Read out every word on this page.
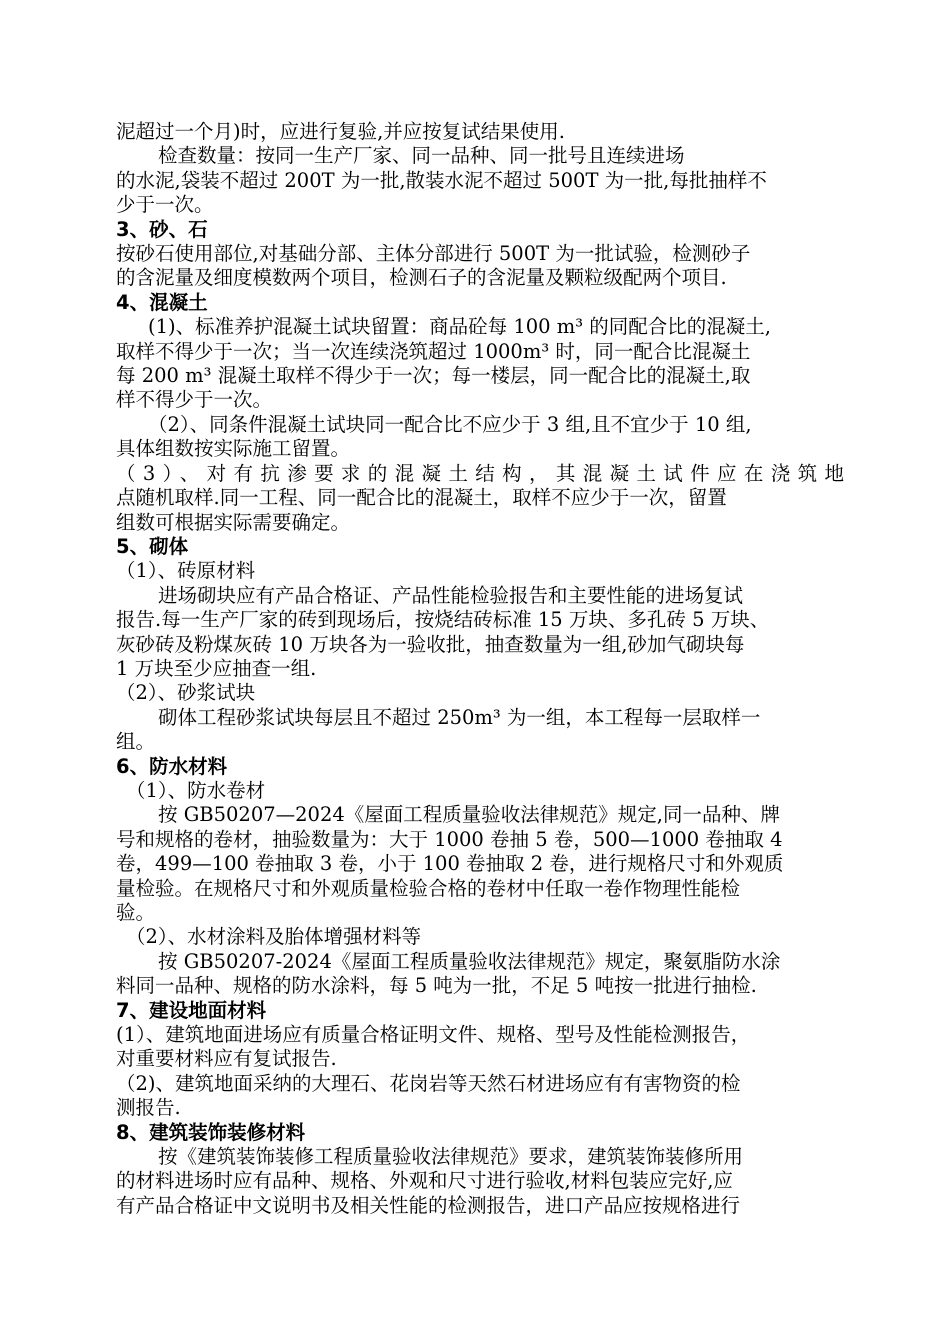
泥超过一个月)时，应进行复验,并应按复试结果使用.

检查数量：按同一生产厂家、同一品种、同一批号且连续进场

的水泥,袋装不超过 200T 为一批,散装水泥不超过 500T 为一批,每批抽样不

少于一次。

3、砂、石

按砂石使用部位,对基础分部、主体分部进行 500T 为一批试验，检测砂子

的含泥量及细度模数两个项目，检测石子的含泥量及颗粒级配两个项目.

4、混凝土

(1)、标准养护混凝土试块留置：商品砼每 100 m³ 的同配合比的混凝土,

取样不得少于一次；当一次连续浇筑超过 1000m³ 时，同一配合比混凝土

每 200 m³ 混凝土取样不得少于一次；每一楼层，同一配合比的混凝土,取

样不得少于一次。

（2）、同条件混凝土试块同一配合比不应少于 3 组,且不宜少于 10 组,

具体组数按实际施工留置。

（3）、对有抗渗要求的混凝土结构，其混凝土试件应在浇筑地

点随机取样.同一工程、同一配合比的混凝土，取样不应少于一次，留置

组数可根据实际需要确定。

5、砌体

（1）、砖原材料

进场砌块应有产品合格证、产品性能检验报告和主要性能的进场复试

报告.每一生产厂家的砖到现场后，按烧结砖标准 15 万块、多孔砖 5 万块、

灰砂砖及粉煤灰砖 10 万块各为一验收批，抽查数量为一组,砂加气砌块每

1 万块至少应抽查一组.

（2）、砂浆试块

砌体工程砂浆试块每层且不超过 250m³ 为一组，本工程每一层取样一

组。

6、防水材料

（1）、防水卷材

按 GB50207—2024《屋面工程质量验收法律规范》规定,同一品种、牌

号和规格的卷材，抽验数量为：大于 1000 卷抽 5 卷，500—1000 卷抽取 4

卷，499—100 卷抽取 3 卷，小于 100 卷抽取 2 卷，进行规格尺寸和外观质

量检验。在规格尺寸和外观质量检验合格的卷材中任取一卷作物理性能检

验。

（2）、水材涂料及胎体增强材料等

按 GB50207-2024《屋面工程质量验收法律规范》规定，聚氨脂防水涂

料同一品种、规格的防水涂料，每 5 吨为一批，不足 5 吨按一批进行抽检.

7、建设地面材料

(1）、建筑地面进场应有质量合格证明文件、规格、型号及性能检测报告，

对重要材料应有复试报告.

（2)、建筑地面采纳的大理石、花岗岩等天然石材进场应有有害物资的检

测报告.

8、建筑装饰装修材料

按《建筑装饰装修工程质量验收法律规范》要求，建筑装饰装修所用

的材料进场时应有品种、规格、外观和尺寸进行验收,材料包装应完好,应

有产品合格证中文说明书及相关性能的检测报告，进口产品应按规格进行
